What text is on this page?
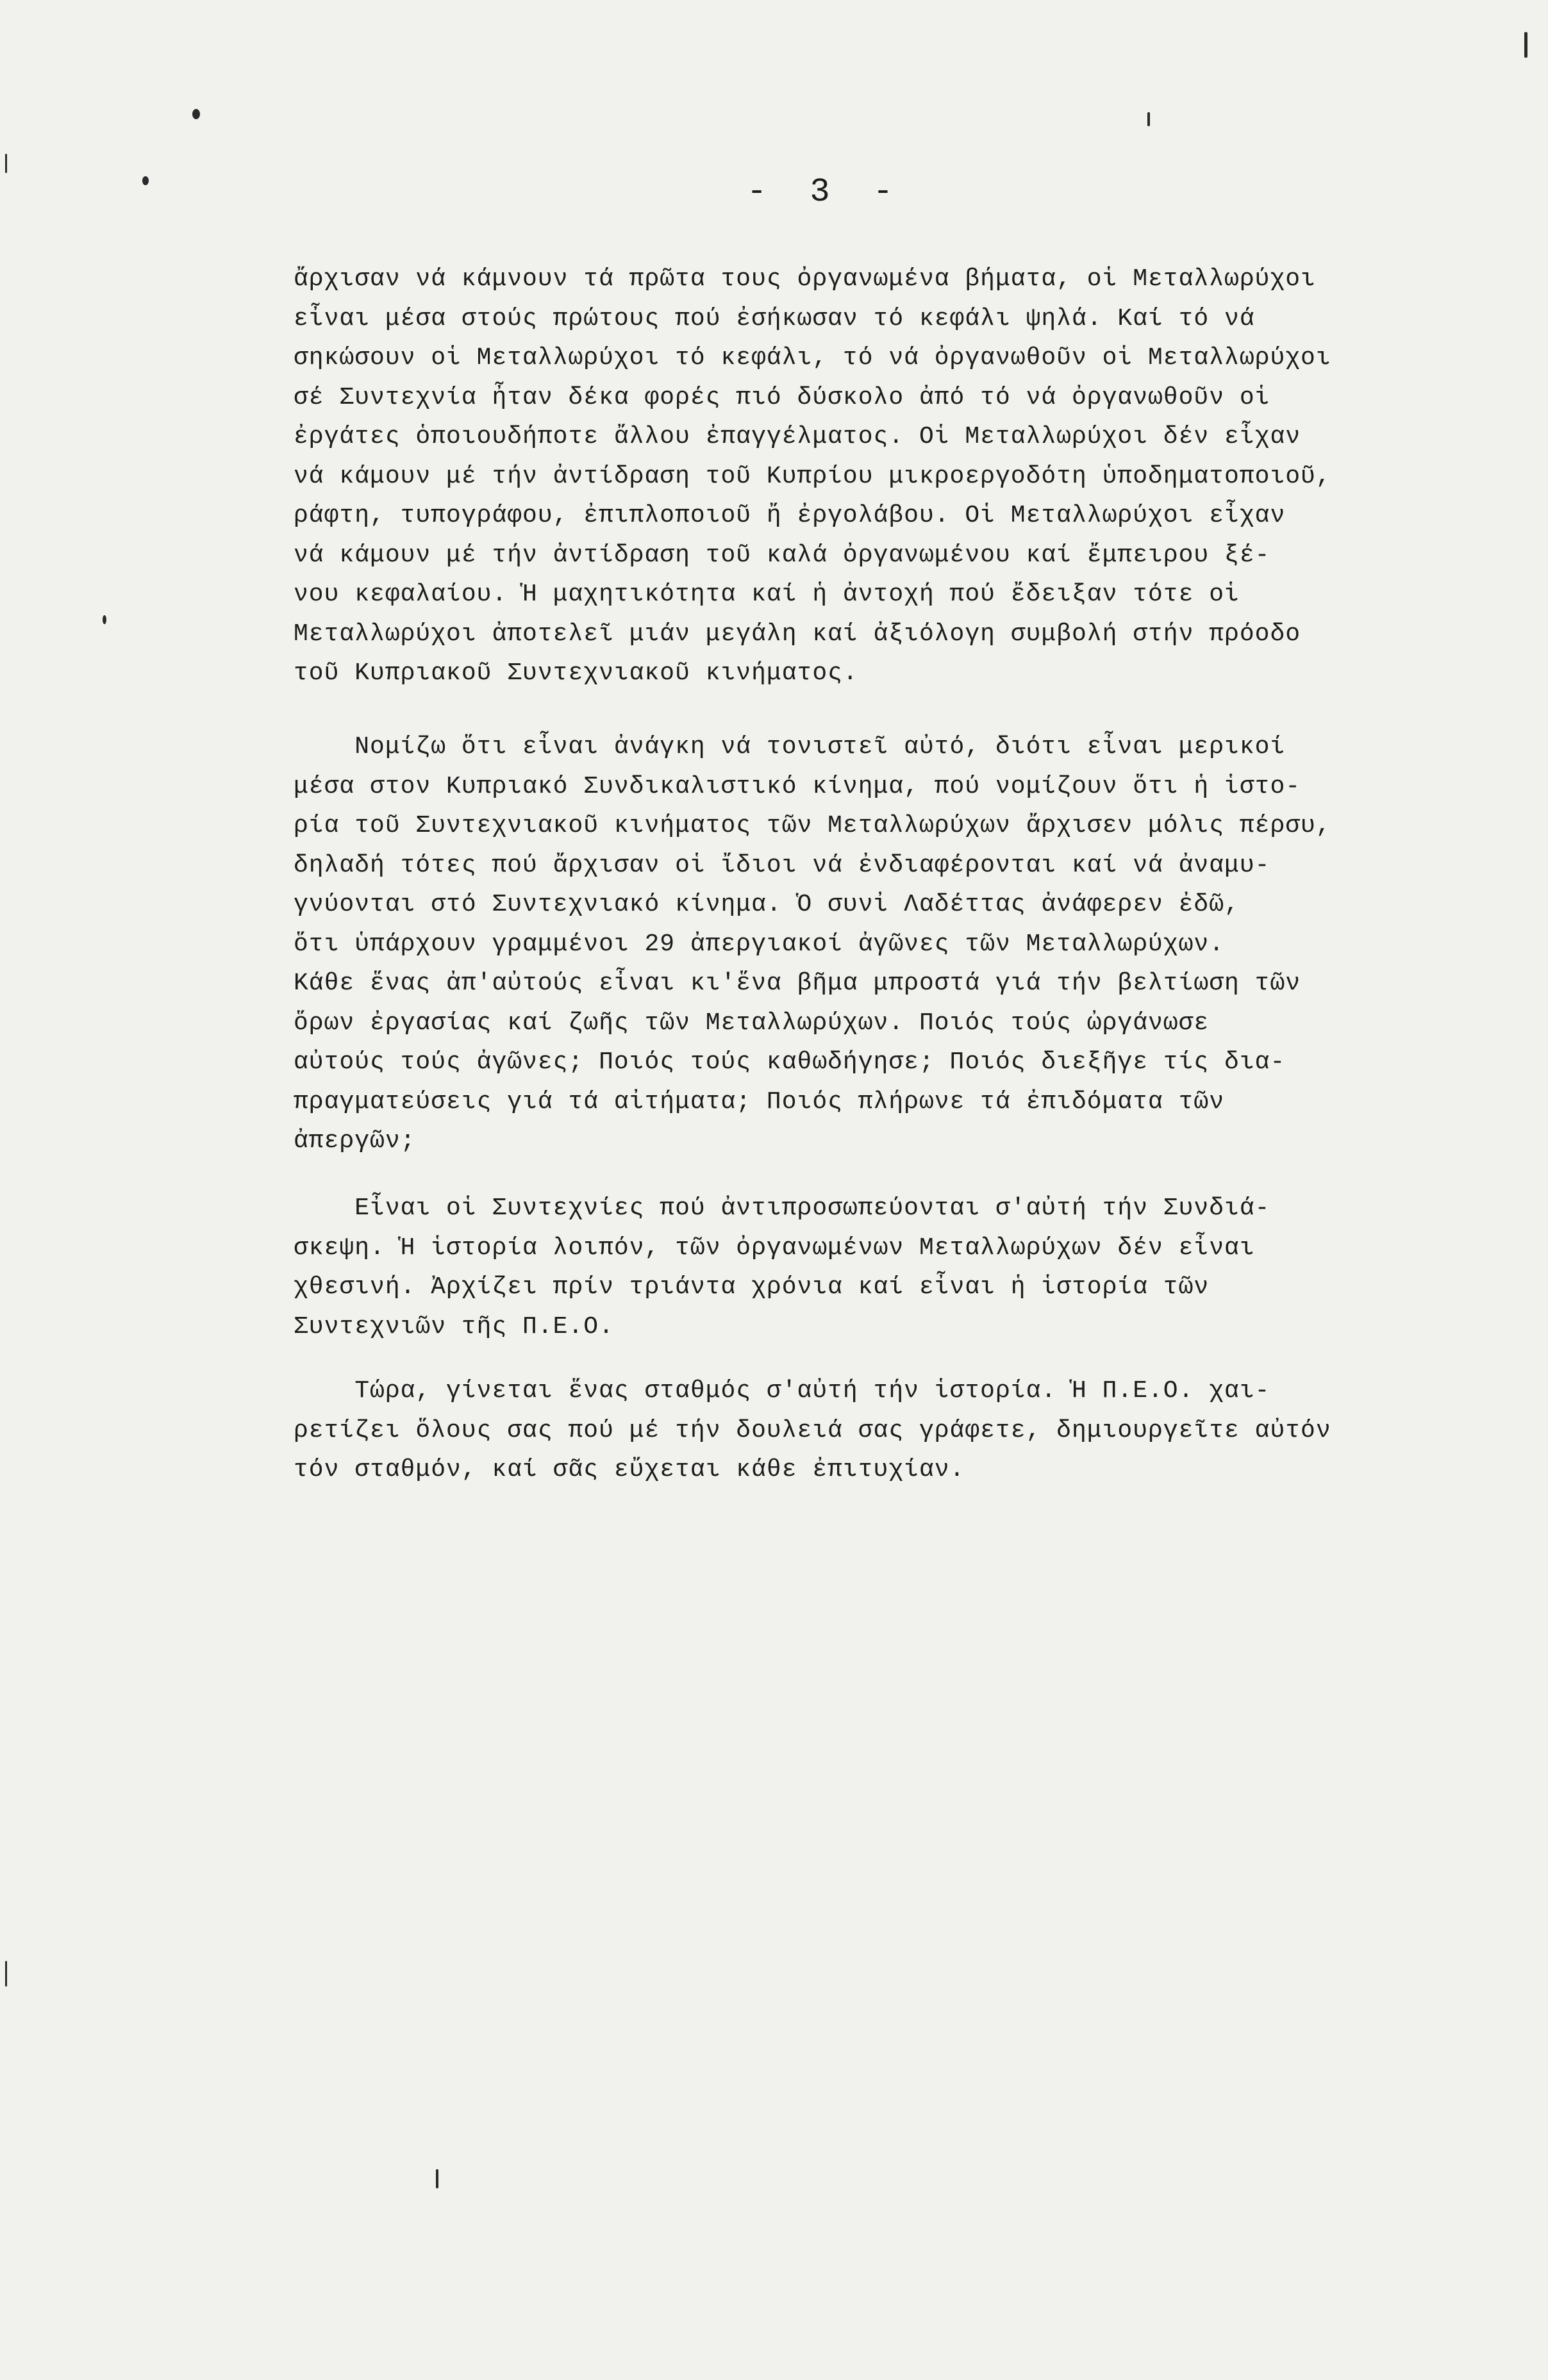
- 3 -
ἄρχισαν νά κάμνουν τά πρῶτα τους ὀργανωμένα βήματα, οἱ Μεταλλωρύχοι
εἶναι μέσα στούς πρώτους πού ἐσήκωσαν τό κεφάλι ψηλά. Καί τό νά
σηκώσουν οἱ Μεταλλωρύχοι τό κεφάλι, τό νά ὀργανωθοῦν οἱ Μεταλλωρύχοι
σέ Συντεχνία ἦταν δέκα φορές πιό δύσκολο ἀπό τό νά ὀργανωθοῦν οἱ
ἐργάτες ὁποιουδήποτε ἄλλου ἐπαγγέλματος. Οἱ Μεταλλωρύχοι δέν εἶχαν
νά κάμουν μέ τήν ἀντίδραση τοῦ Κυπρίου μικροεργοδότη ὑποδηματοποιοῦ,
ράφτη, τυπογράφου, ἐπιπλοποιοῦ ἤ ἐργολάβου. Οἱ Μεταλλωρύχοι εἶχαν
νά κάμουν μέ τήν ἀντίδραση τοῦ καλά ὀργανωμένου καί ἔμπειρου ξέ-
νου κεφαλαίου. Ἡ μαχητικότητα καί ἡ ἀντοχή πού ἔδειξαν τότε οἱ
Μεταλλωρύχοι ἀποτελεῖ μιάν μεγάλη καί ἀξιόλογη συμβολή στήν πρόοδο
τοῦ Κυπριακοῦ Συντεχνιακοῦ κινήματος.
Νομίζω ὅτι εἶναι ἀνάγκη νά τονιστεῖ αὐτό, διότι εἶναι μερικοί
μέσα στον Κυπριακό Συνδικαλιστικό κίνημα, πού νομίζουν ὅτι ἡ ἱστο-
ρία τοῦ Συντεχνιακοῦ κινήματος τῶν Μεταλλωρύχων ἄρχισεν μόλις πέρσυ,
δηλαδή τότες πού ἄρχισαν οἱ ἴδιοι νά ἐνδιαφέρονται καί νά ἀναμυ-
γνύονται στό Συντεχνιακό κίνημα. Ὁ συνἰ Λαδέττας ἀνάφερεν ἐδῶ,
ὅτι ὑπάρχουν γραμμένοι 29 ἀπεργιακοί ἀγῶνες τῶν Μεταλλωρύχων.
Κάθε ἕνας ἀπ'αὐτούς εἶναι κι'ἕνα βῆμα μπροστά γιά τήν βελτίωση τῶν
ὅρων ἐργασίας καί ζωῆς τῶν Μεταλλωρύχων. Ποιός τούς ὠργάνωσε
αὐτούς τούς ἀγῶνες; Ποιός τούς καθωδήγησε; Ποιός διεξῆγε τίς δια-
πραγματεύσεις γιά τά αἰτήματα; Ποιός πλήρωνε τά ἐπιδόματα τῶν
ἀπεργῶν;
Εἶναι οἱ Συντεχνίες πού ἀντιπροσωπεύονται σ'αὐτή τήν Συνδιά-
σκεψη. Ἡ ἱστορία λοιπόν, τῶν ὀργανωμένων Μεταλλωρύχων δέν εἶναι
χθεσινή. Ἀρχίζει πρίν τριάντα χρόνια καί εἶναι ἡ ἱστορία τῶν
Συντεχνιῶν τῆς Π.Ε.Ο.
Τώρα, γίνεται ἕνας σταθμός σ'αὐτή τήν ἱστορία. Ἡ Π.Ε.Ο. χαι-
ρετίζει ὅλους σας πού μέ τήν δουλειά σας γράφετε, δημιουργεῖτε αὐτόν
τόν σταθμόν, καί σᾶς εὔχεται κάθε ἐπιτυχίαν.
